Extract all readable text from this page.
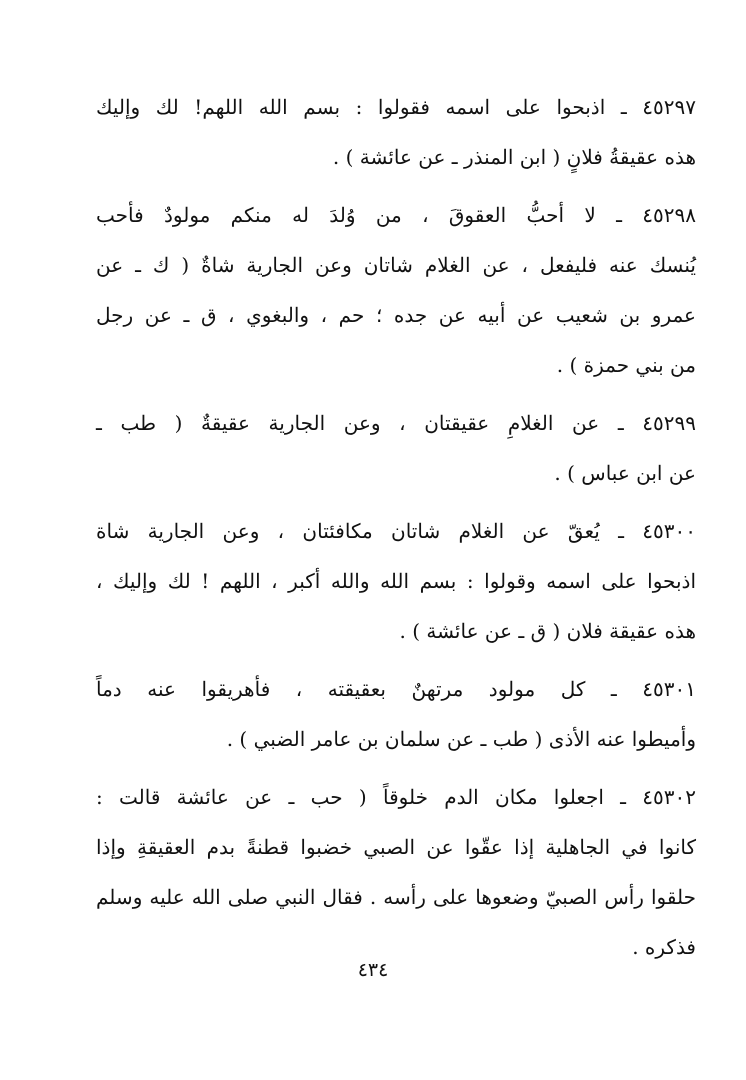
٤٥٢٩٧ ـ اذبحوا على اسمه فقولوا : بسم الله اللهم! لك وإليك
هذه عقيقةُ فلانٍ ( ابن المنذر ـ عن عائشة ) .
٤٥٢٩٨ ـ لا أحبُّ العقوقَ ، من وُلدَ له منكم مولودٌ فأحب
يُنسك عنه فليفعل ، عن الغلام شاتان وعن الجارية شاةٌ ( ك ـ عن
عمرو بن شعيب عن أبيه عن جده ؛ حم ، والبغوي ، ق ـ عن رجل
من بني حمزة ) .
٤٥٢٩٩ ـ عن الغلامِ عقيقتان ، وعن الجارية عقيقةٌ ( طب ـ
عن ابن عباس ) .
٤٥٣٠٠ ـ يُعقّ عن الغلام شاتان مكافئتان ، وعن الجارية شاة
اذبحوا على اسمه وقولوا : بسم الله والله أكبر ، اللهم ! لك وإليك ،
هذه عقيقة فلان ( ق ـ عن عائشة ) .
٤٥٣٠١ ـ كل مولود مرتهنٌ بعقيقته ، فأهريقوا عنه دماً
وأميطوا عنه الأذى ( طب ـ عن سلمان بن عامر الضبي ) .
٤٥٣٠٢ ـ اجعلوا مكان الدم خلوقاً ( حب ـ عن عائشة قالت :
كانوا في الجاهلية إذا عقّوا عن الصبي خضبوا قطنةً بدم العقيقةِ وإذا
حلقوا رأس الصبيّ وضعوها على رأسه . فقال النبي صلى الله عليه وسلم
فذكره .
٤٣٤
